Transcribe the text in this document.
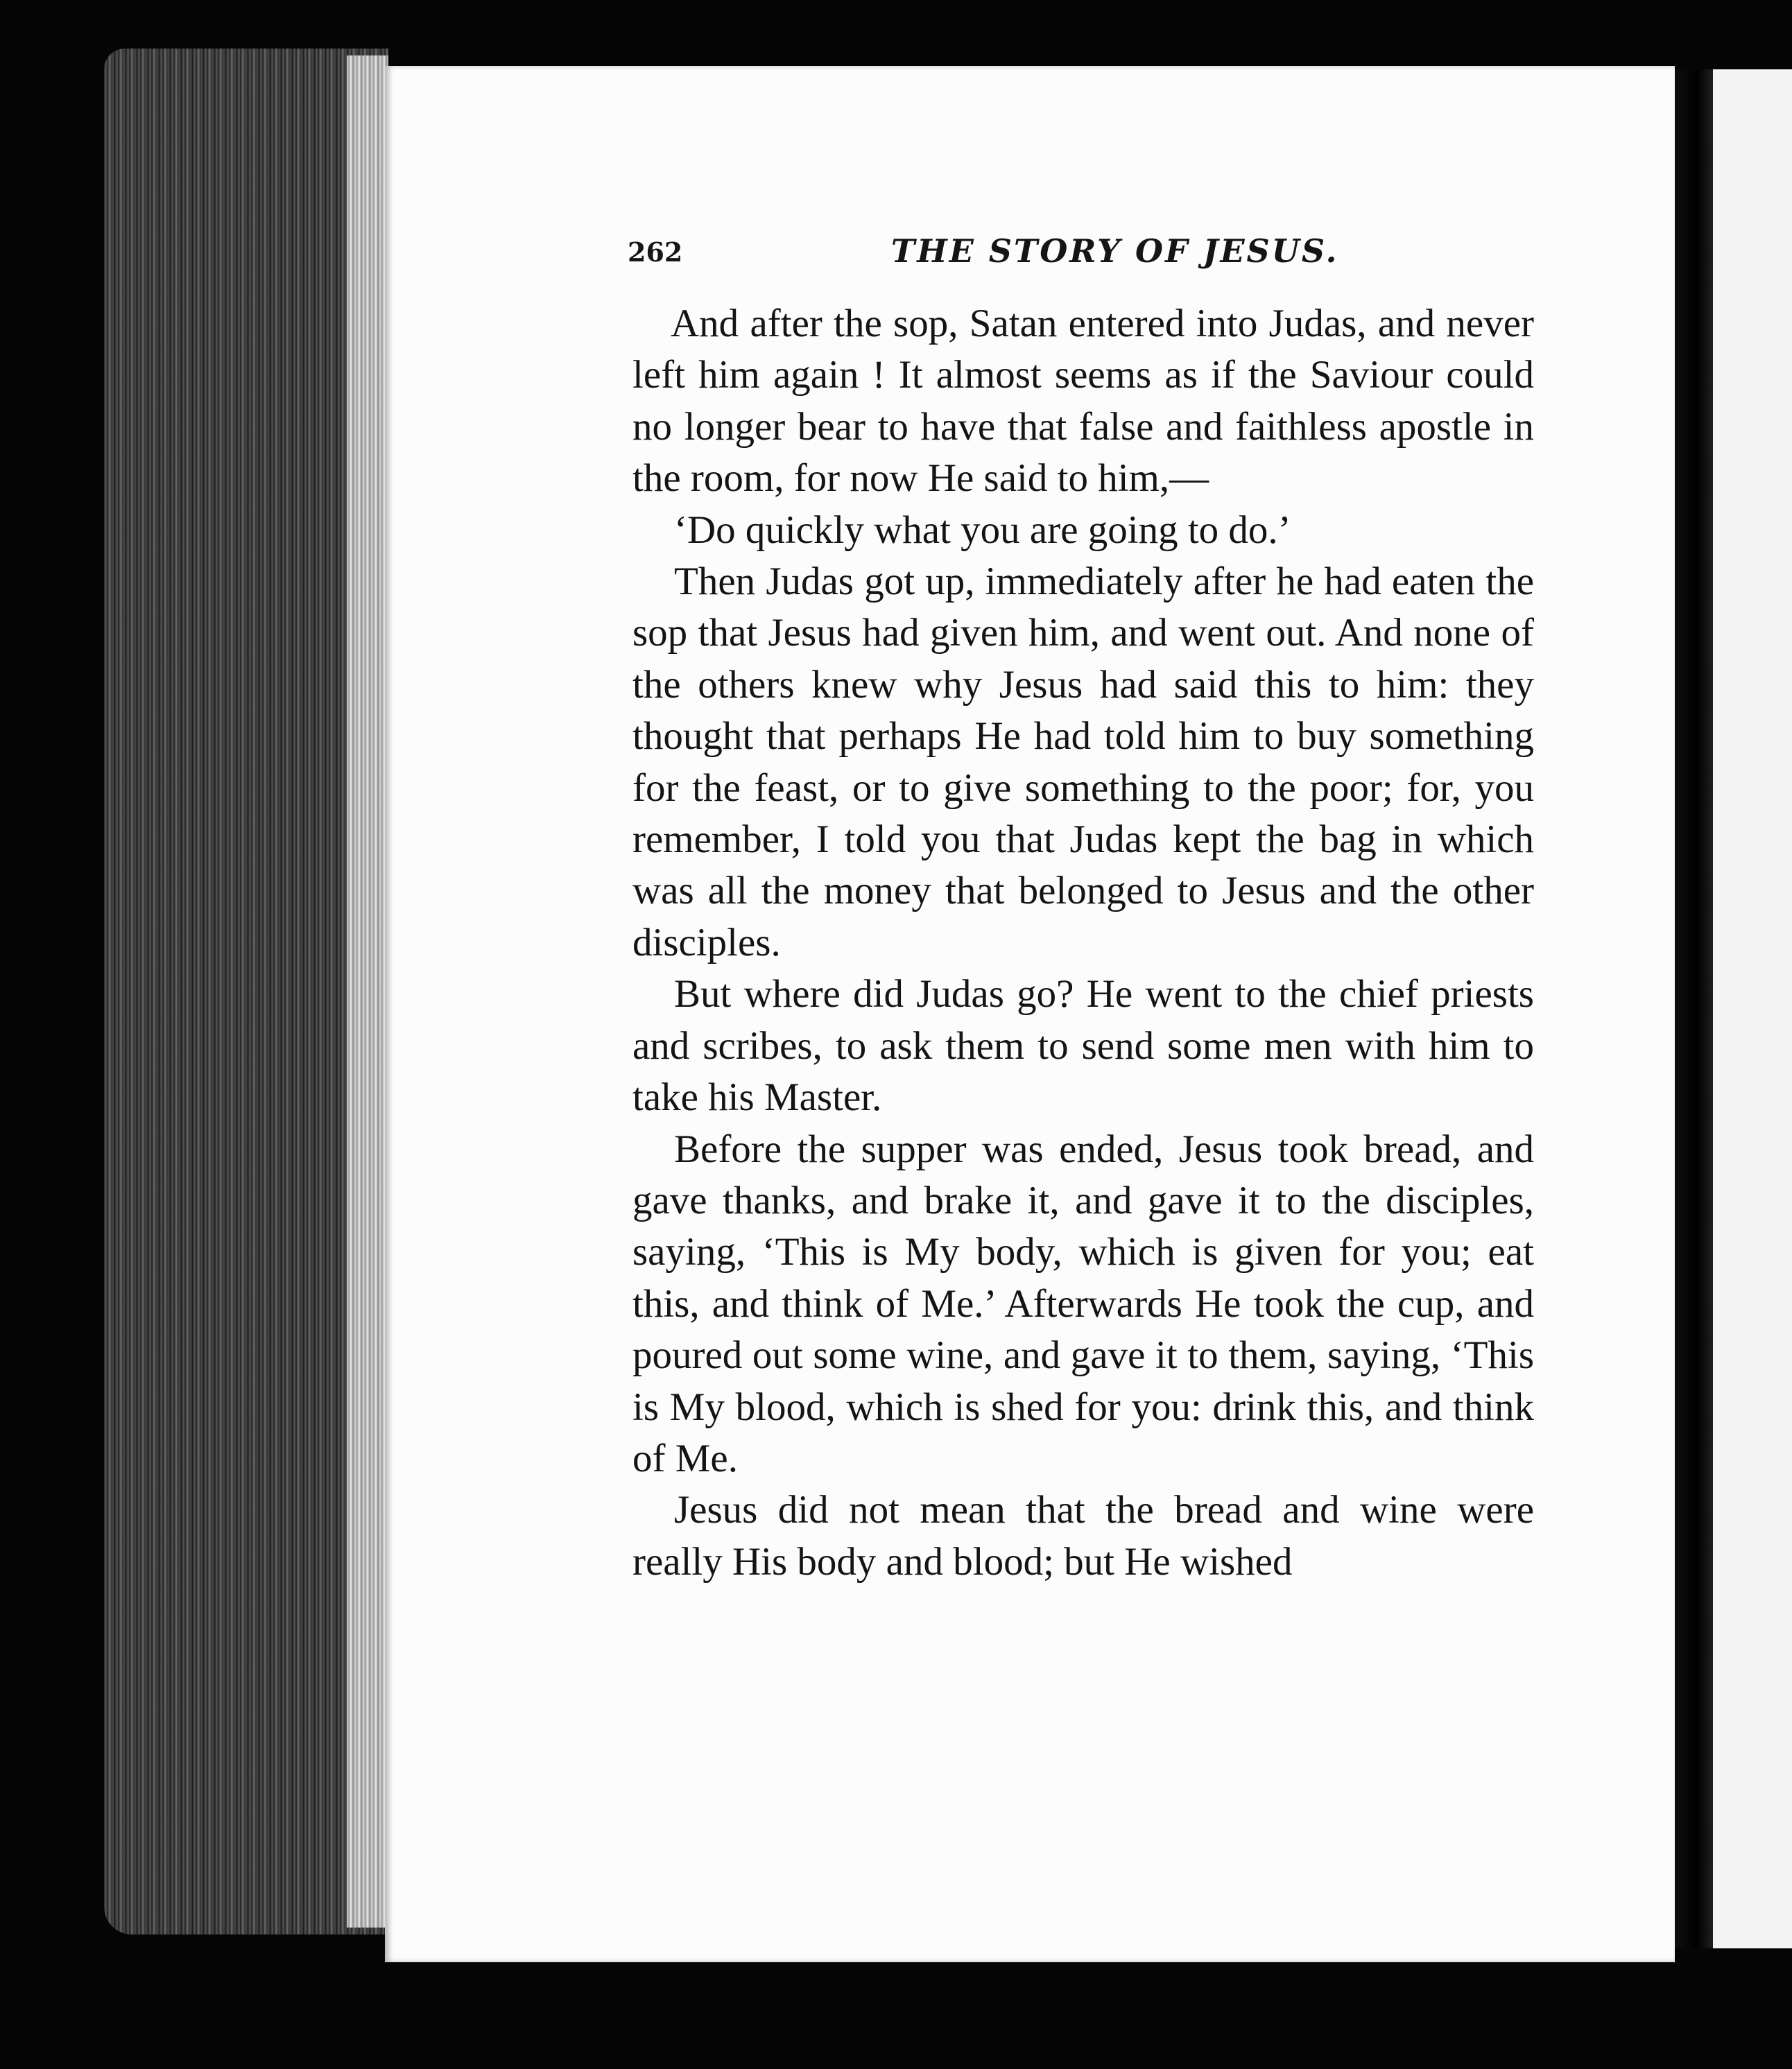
262	THE STORY OF JESUS.

And after the sop, Satan entered into Judas, and never left him again ! It almost seems as if the Saviour could no longer bear to have that false and faithless apostle in the room, for now He said to him,—

‘Do quickly what you are going to do.’

Then Judas got up, immediately after he had eaten the sop that Jesus had given him, and went out. And none of the others knew why Jesus had said this to him: they thought that perhaps He had told him to buy something for the feast, or to give something to the poor; for, you remember, I told you that Judas kept the bag in which was all the money that belonged to Jesus and the other disciples.

But where did Judas go? He went to the chief priests and scribes, to ask them to send some men with him to take his Master.

Before the supper was ended, Jesus took bread, and gave thanks, and brake it, and gave it to the disciples, saying, ‘This is My body, which is given for you; eat this, and think of Me.’ Afterwards He took the cup, and poured out some wine, and gave it to them, saying, ‘This is My blood, which is shed for you: drink this, and think of Me.

Jesus did not mean that the bread and wine were really His body and blood; but He wished
